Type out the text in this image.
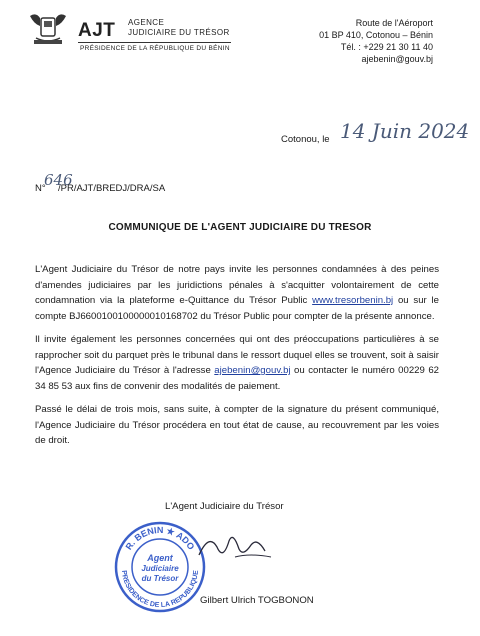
AJT AGENCE
JUDICIAIRE DU TRÉSOR
PRÉSIDENCE DE LA RÉPUBLIQUE DU BÉNIN
Route de l'Aéroport
01 BP 410, Cotonou – Bénin
Tél. : +229 21 30 11 40
ajebenin@gouv.bj
Cotonou, le 14 Juin 2024
N°
646
/PR/AJT/BREDJ/DRA/SA
COMMUNIQUE DE L'AGENT JUDICIAIRE DU TRESOR

L'Agent Judiciaire du Trésor de notre pays invite les personnes condamnées à des peines d'amendes judiciaires par les juridictions pénales à s'acquitter volontairement de cette condamnation via la plateforme e-Quittance du Trésor Public www.tresorbenin.bj ou sur le compte BJ6600100100000010168702 du Trésor Public pour compter de la présente annonce.

Il invite également les personnes concernées qui ont des préoccupations particulières à se rapprocher soit du parquet près le tribunal dans le ressort duquel elles se trouvent, soit à saisir l'Agence Judiciaire du Trésor à l'adresse ajebenin@gouv.bj ou contacter le numéro 00229 62 34 85 53 aux fins de convenir des modalités de paiement.

Passé le délai de trois mois, sans suite, à compter de la signature du présent communiqué, l'Agence Judiciaire du Trésor procédera en tout état de cause, au recouvrement par les voies de droit.

L'Agent Judiciaire du Trésor
R. BENIN ★ ADO
PRESIDENCE DE LA REPUBLIQUE
Agent
Judiciaire
du Trésor
Gilbert Ulrich TOGBONON
